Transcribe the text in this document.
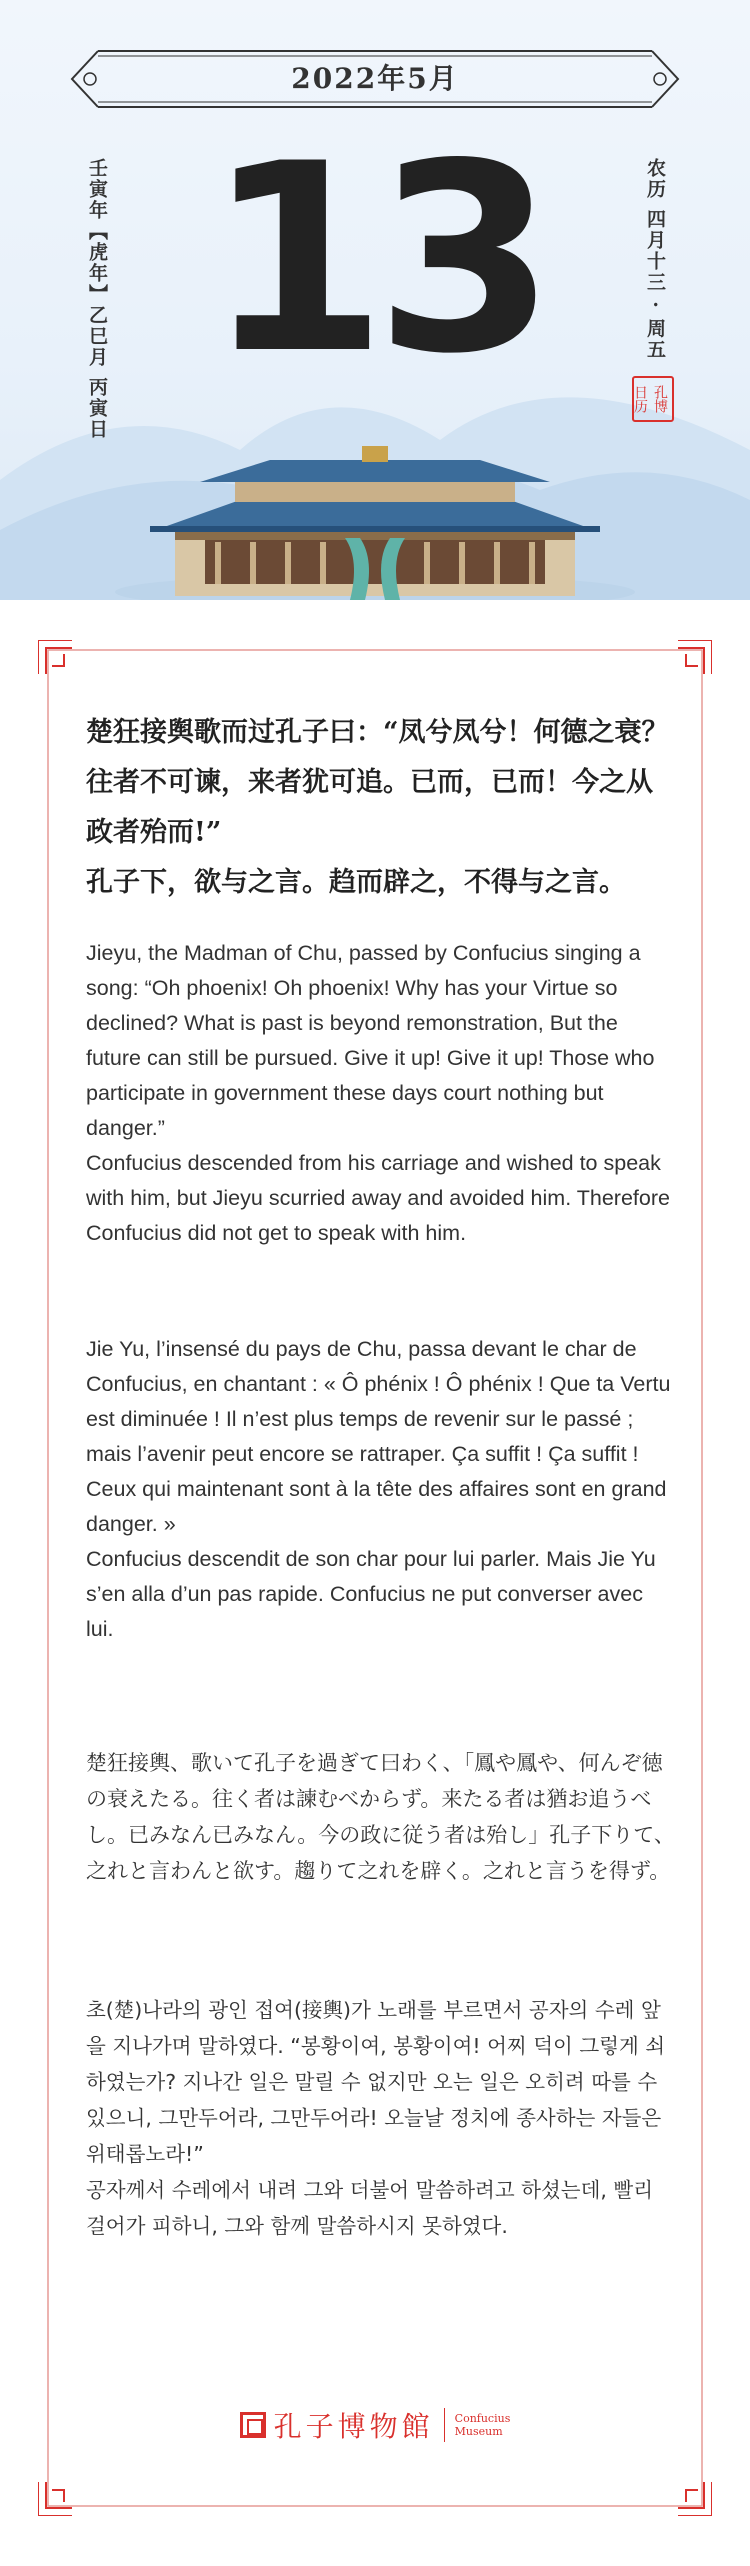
2022年5月
壬寅年【虎年】乙巳月 丙寅日 13	农历 四月十三 · 周五
孔博日历

楚狂接舆歌而过孔子曰：“凤兮凤兮！何德之衰？往者不可谏，来者犹可追。已而，已而！今之从政者殆而!”

孔子下，欲与之言。趋而辟之，不得与之言。

Jieyu, the Madman of Chu, passed by Confucius singing a song: “Oh phoenix! Oh phoenix! Why has your Virtue so declined? What is past is beyond remonstration, But the future can still be pursued. Give it up! Give it up! Those who participate in government these days court nothing but danger.”

Confucius descended from his carriage and wished to speak with him, but Jieyu scurried away and avoided him. Therefore Confucius did not get to speak with him.

Jie Yu, l’insensé du pays de Chu, passa devant le char de Confucius, en chantant : « Ô phénix ! Ô phénix ! Que ta Vertu est diminuée ! Il n’est plus temps de revenir sur le passé ; mais l’avenir peut encore se rattraper. Ça suffit ! Ça suffit ! Ceux qui maintenant sont à la tête des affaires sont en grand danger. »

Confucius descendit de son char pour lui parler. Mais Jie Yu s’en alla d’un pas rapide. Confucius ne put converser avec lui.

楚狂接輿、歌いて孔子を過ぎて曰わく、「鳳や鳳や、何んぞ徳の衰えたる。往く者は諫むべからず。来たる者は猶お追うべし。已みなん已みなん。今の政に従う者は殆し」孔子下りて、之れと言わんと欲す。趨りて之れを辟く。之れと言うを得ず。

초(楚)나라의 광인 접여(接輿)가 노래를 부르면서 공자의 수레 앞을 지나가며 말하였다. “봉황이여, 봉황이여! 어찌 덕이 그렇게 쇠하였는가? 지나간 일은 말릴 수 없지만 오는 일은 오히려 따를 수 있으니, 그만두어라, 그만두어라! 오늘날 정치에 종사하는 자들은 위태롭노라!”

공자께서 수레에서 내려 그와 더불어 말씀하려고 하셨는데, 빨리 걸어가 피하니, 그와 함께 말씀하시지 못하였다.

孔子博物館 Confucius
Museum
